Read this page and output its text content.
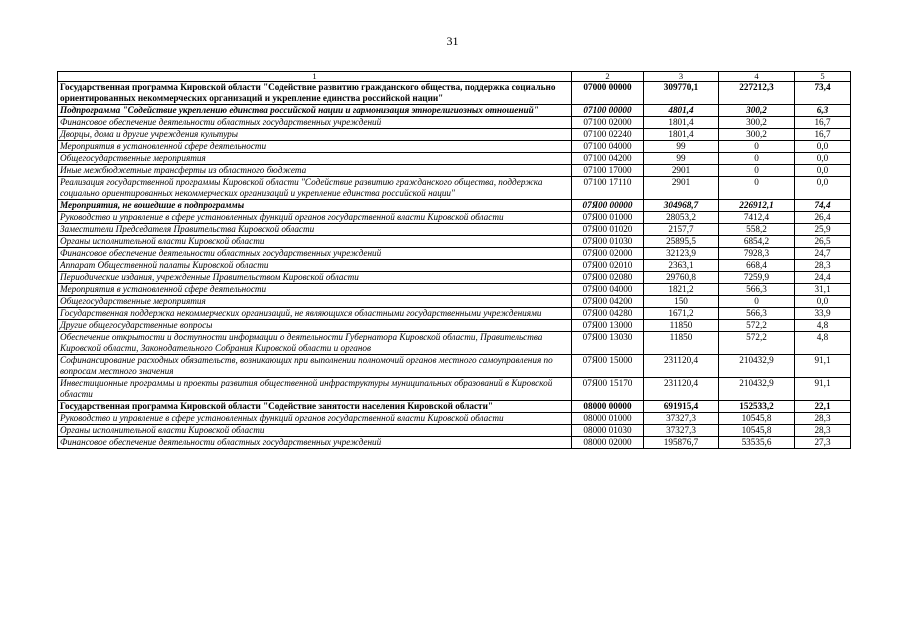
31
1	2	3	4	5
Государственная программа Кировской области "Содействие развитию гражданского общества, поддержка социально ориентированных некоммерческих организаций и укрепление единства российской нации"	07000 00000	309770,1	227212,3	73,4
Подпрограмма "Содействие укреплению единства российской нации и гармонизация этнорелигиозных отношений"	07100 00000	4801,4	300,2	6,3
Финансовое обеспечение деятельности областных государственных учреждений	07100 02000	1801,4	300,2	16,7
Дворцы, дома и другие учреждения культуры	07100 02240	1801,4	300,2	16,7
Мероприятия в установленной сфере деятельности	07100 04000	99	0	0,0
Общегосударственные мероприятия	07100 04200	99	0	0,0
Иные межбюджетные трансферты из областного бюджета	07100 17000	2901	0	0,0
Реализация государственной программы Кировской области "Содействие развитию гражданского общества, поддержка социально ориентированных некоммерческих организаций и укрепление единства российской нации"	07100 17110	2901	0	0,0
Мероприятия, не вошедшие в подпрограммы	07Я00 00000	304968,7	226912,1	74,4
Руководство и управление в сфере установленных функций органов государственной власти Кировской области	07Я00 01000	28053,2	7412,4	26,4
Заместители Председателя Правительства Кировской области	07Я00 01020	2157,7	558,2	25,9
Органы исполнительной власти Кировской области	07Я00 01030	25895,5	6854,2	26,5
Финансовое обеспечение деятельности областных государственных учреждений	07Я00 02000	32123,9	7928,3	24,7
Аппарат Общественной палаты Кировской области	07Я00 02010	2363,1	668,4	28,3
Периодические издания, учрежденные Правительством Кировской области	07Я00 02080	29760,8	7259,9	24,4
Мероприятия в установленной сфере деятельности	07Я00 04000	1821,2	566,3	31,1
Общегосударственные мероприятия	07Я00 04200	150	0	0,0
Государственная поддержка некоммерческих организаций, не являющихся областными государственными учреждениями	07Я00 04280	1671,2	566,3	33,9
Другие общегосударственные вопросы	07Я00 13000	11850	572,2	4,8
Обеспечение открытости и доступности информации о деятельности Губернатора Кировской области, Правительства Кировской области, Законодательного Собрания Кировской области и органов	07Я00 13030	11850	572,2	4,8
Софинансирование расходных обязательств, возникающих при выполнении полномочий органов местного самоуправления по вопросам местного значения	07Я00 15000	231120,4	210432,9	91,1
Инвестиционные программы и проекты развития общественной инфраструктуры муниципальных образований в Кировской области	07Я00 15170	231120,4	210432,9	91,1
Государственная программа Кировской области "Содействие занятости населения Кировской области"	08000 00000	691915,4	152533,2	22,1
Руководство и управление в сфере установленных функций органов государственной власти Кировской области	08000 01000	37327,3	10545,8	28,3
Органы исполнительной власти Кировской области	08000 01030	37327,3	10545,8	28,3
Финансовое обеспечение деятельности областных государственных учреждений	08000 02000	195876,7	53535,6	27,3
